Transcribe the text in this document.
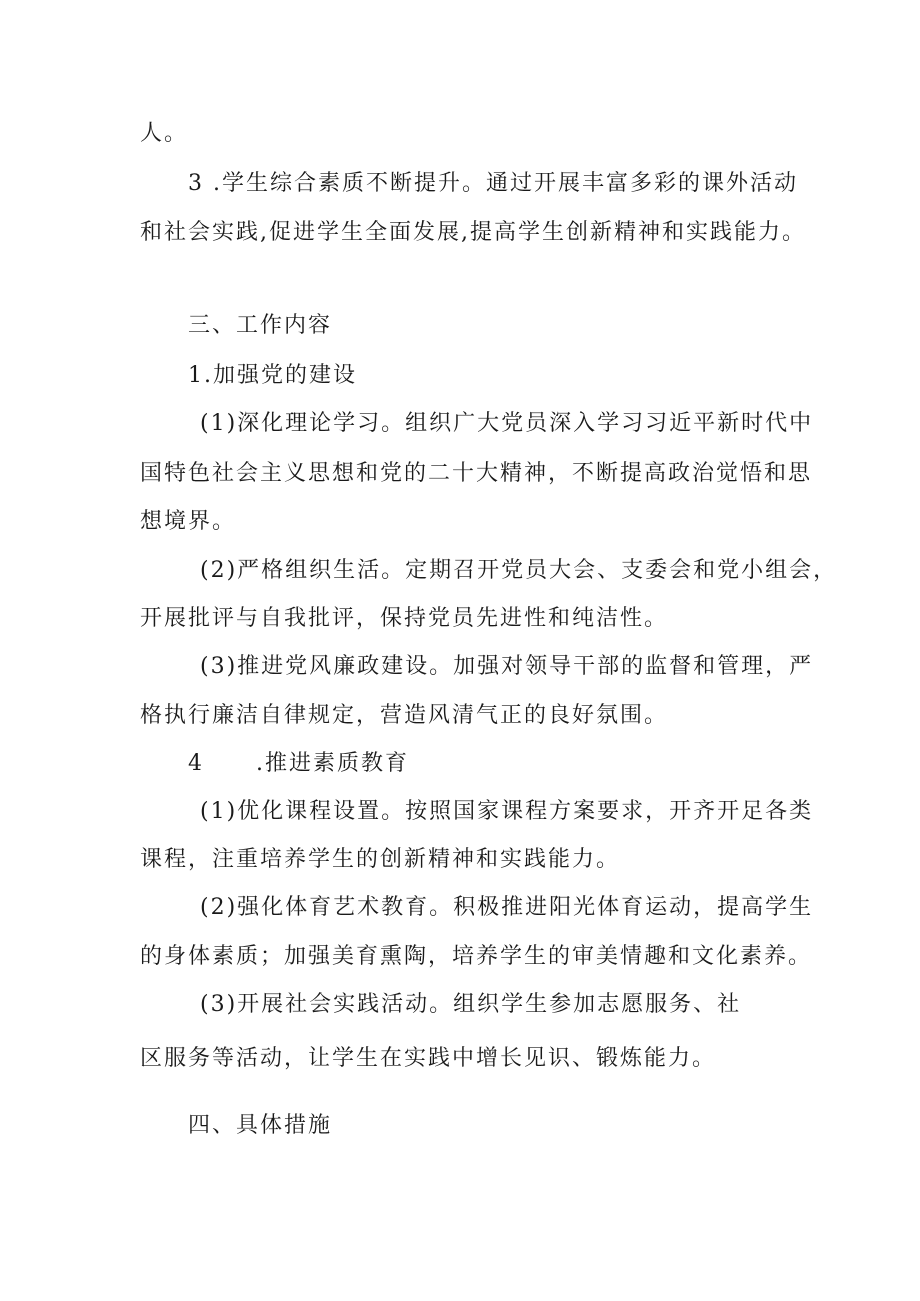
人。
3 .学生综合素质不断提升。通过开展丰富多彩的课外活动
和社会实践,促进学生全面发展,提高学生创新精神和实践能力。
三、工作内容
1.加强党的建设
(1)深化理论学习。组织广大党员深入学习习近平新时代中
国特色社会主义思想和党的二十大精神，不断提高政治觉悟和思
想境界。
(2)严格组织生活。定期召开党员大会、支委会和党小组会，
开展批评与自我批评，保持党员先进性和纯洁性。
(3)推进党风廉政建设。加强对领导干部的监督和管理，严
格执行廉洁自律规定，营造风清气正的良好氛围。
4 .推进素质教育
(1)优化课程设置。按照国家课程方案要求，开齐开足各类
课程，注重培养学生的创新精神和实践能力。
(2)强化体育艺术教育。积极推进阳光体育运动，提高学生
的身体素质；加强美育熏陶，培养学生的审美情趣和文化素养。
(3)开展社会实践活动。组织学生参加志愿服务、社
区服务等活动，让学生在实践中增长见识、锻炼能力。
四、具体措施
